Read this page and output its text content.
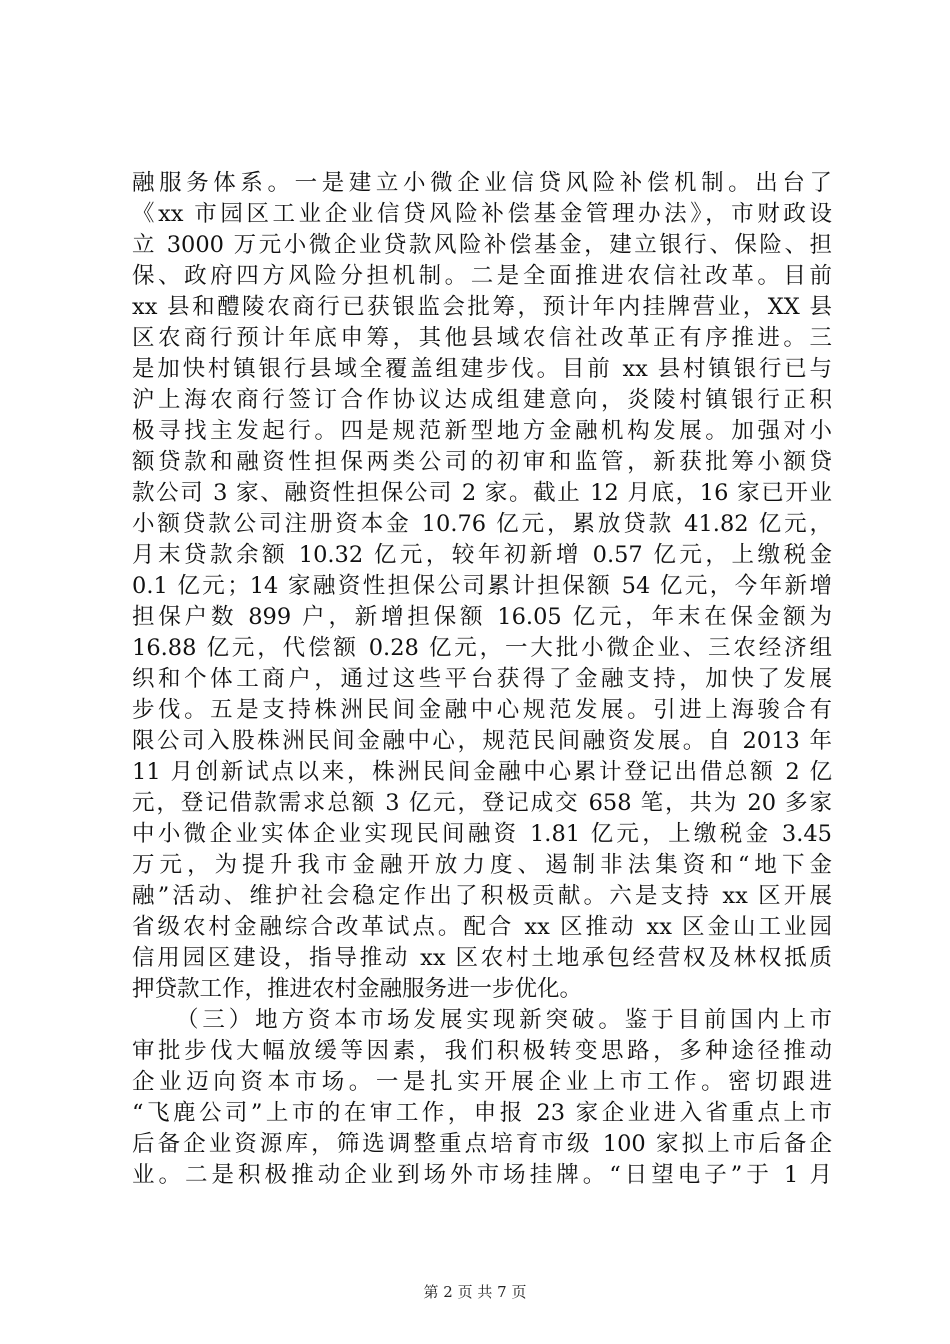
融服务体系。一是建立小微企业信贷风险补偿机制。出台了
《xx 市园区工业企业信贷风险补偿基金管理办法》，市财政设
立 3000 万元小微企业贷款风险补偿基金，建立银行、保险、担
保、政府四方风险分担机制。二是全面推进农信社改革。目前
xx 县和醴陵农商行已获银监会批筹，预计年内挂牌营业，XX 县
区农商行预计年底申筹，其他县域农信社改革正有序推进。三
是加快村镇银行县域全覆盖组建步伐。目前 xx 县村镇银行已与
沪上海农商行签订合作协议达成组建意向，炎陵村镇银行正积
极寻找主发起行。四是规范新型地方金融机构发展。加强对小
额贷款和融资性担保两类公司的初审和监管，新获批筹小额贷
款公司 3 家、融资性担保公司 2 家。截止 12 月底，16 家已开业
小额贷款公司注册资本金 10.76 亿元，累放贷款 41.82 亿元，
月末贷款余额 10.32 亿元，较年初新增 0.57 亿元，上缴税金
0.1 亿元；14 家融资性担保公司累计担保额 54 亿元，今年新增
担保户数 899 户，新增担保额 16.05 亿元，年末在保金额为
16.88 亿元，代偿额 0.28 亿元，一大批小微企业、三农经济组
织和个体工商户，通过这些平台获得了金融支持，加快了发展
步伐。五是支持株洲民间金融中心规范发展。引进上海骏合有
限公司入股株洲民间金融中心，规范民间融资发展。自 2013 年
11 月创新试点以来，株洲民间金融中心累计登记出借总额 2 亿
元，登记借款需求总额 3 亿元，登记成交 658 笔，共为 20 多家
中小微企业实体企业实现民间融资 1.81 亿元，上缴税金 3.45
万元，为提升我市金融开放力度、遏制非法集资和“地下金
融”活动、维护社会稳定作出了积极贡献。六是支持 xx 区开展
省级农村金融综合改革试点。配合 xx 区推动 xx 区金山工业园
信用园区建设，指导推动 xx 区农村土地承包经营权及林权抵质
押贷款工作，推进农村金融服务进一步优化。
（三）地方资本市场发展实现新突破。鉴于目前国内上市
审批步伐大幅放缓等因素，我们积极转变思路，多种途径推动
企业迈向资本市场。一是扎实开展企业上市工作。密切跟进
“飞鹿公司”上市的在审工作，申报 23 家企业进入省重点上市
后备企业资源库，筛选调整重点培育市级 100 家拟上市后备企
业。二是积极推动企业到场外市场挂牌。“日望电子”于 1 月
第 2 页 共 7 页
